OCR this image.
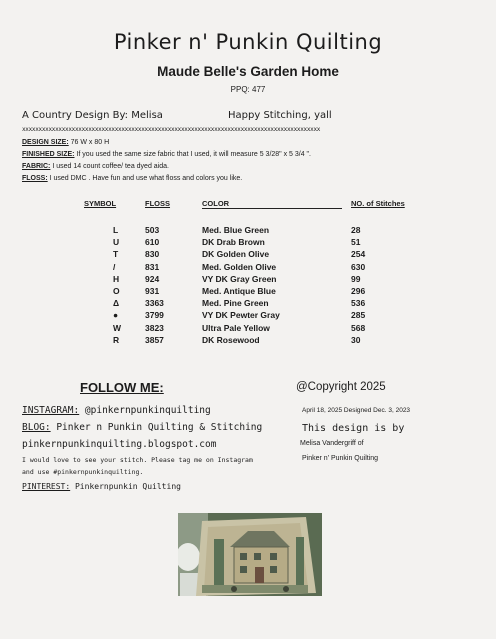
Pinker n' Punkin Quilting
Maude Belle's Garden Home
PPQ: 477
A Country Design By: Melisa	Happy Stitching, yall
xxxxxxxxxxxxxxxxxxxxxxxxxxxxxxxxxxxxxxxxxxxxxxxxxxxxxxxxxxxxxxxxxxxxxxxxxxxxxxxxxxxxxxxxxx
DESIGN SIZE: 76 W x 80 H
FINISHED SIZE: If you used the same size fabric that I used, it will measure 5 3/28" x 5 3/4 ".
FABRIC: I used 14 count coffee/ tea dyed aida.
FLOSS: I used DMC . Have fun and use what floss and colors you like.
SYMBOL	FLOSS	COLOR	NO. of Stitches
L	503	Med. Blue Green	28
U	610	DK Drab Brown	51
T	830	DK Golden Olive	254
/	831	Med. Golden Olive	630
H	924	VY DK Gray Green	99
O	931	Med. Antique Blue	296
Δ	3363	Med. Pine Green	536
●	3799	VY DK Pewter Gray	285
W	3823	Ultra Pale Yellow	568
R	3857	DK Rosewood	30
FOLLOW ME:	@Copyright 2025
INSTAGRAM: @pinkernpunkinquilting
BLOG: Pinker n Punkin Quilting & Stitching
pinkernpunkinquilting.blogspot.com
I would love to see your stitch. Please tag me on Instagram
and use #pinkernpunkinquilting.
PINTEREST: Pinkernpunkin Quilting
April 18, 2025 Designed Dec. 3, 2023
This design is by
Melisa Vandergriff of
Pinker n' Punkin Quilting
